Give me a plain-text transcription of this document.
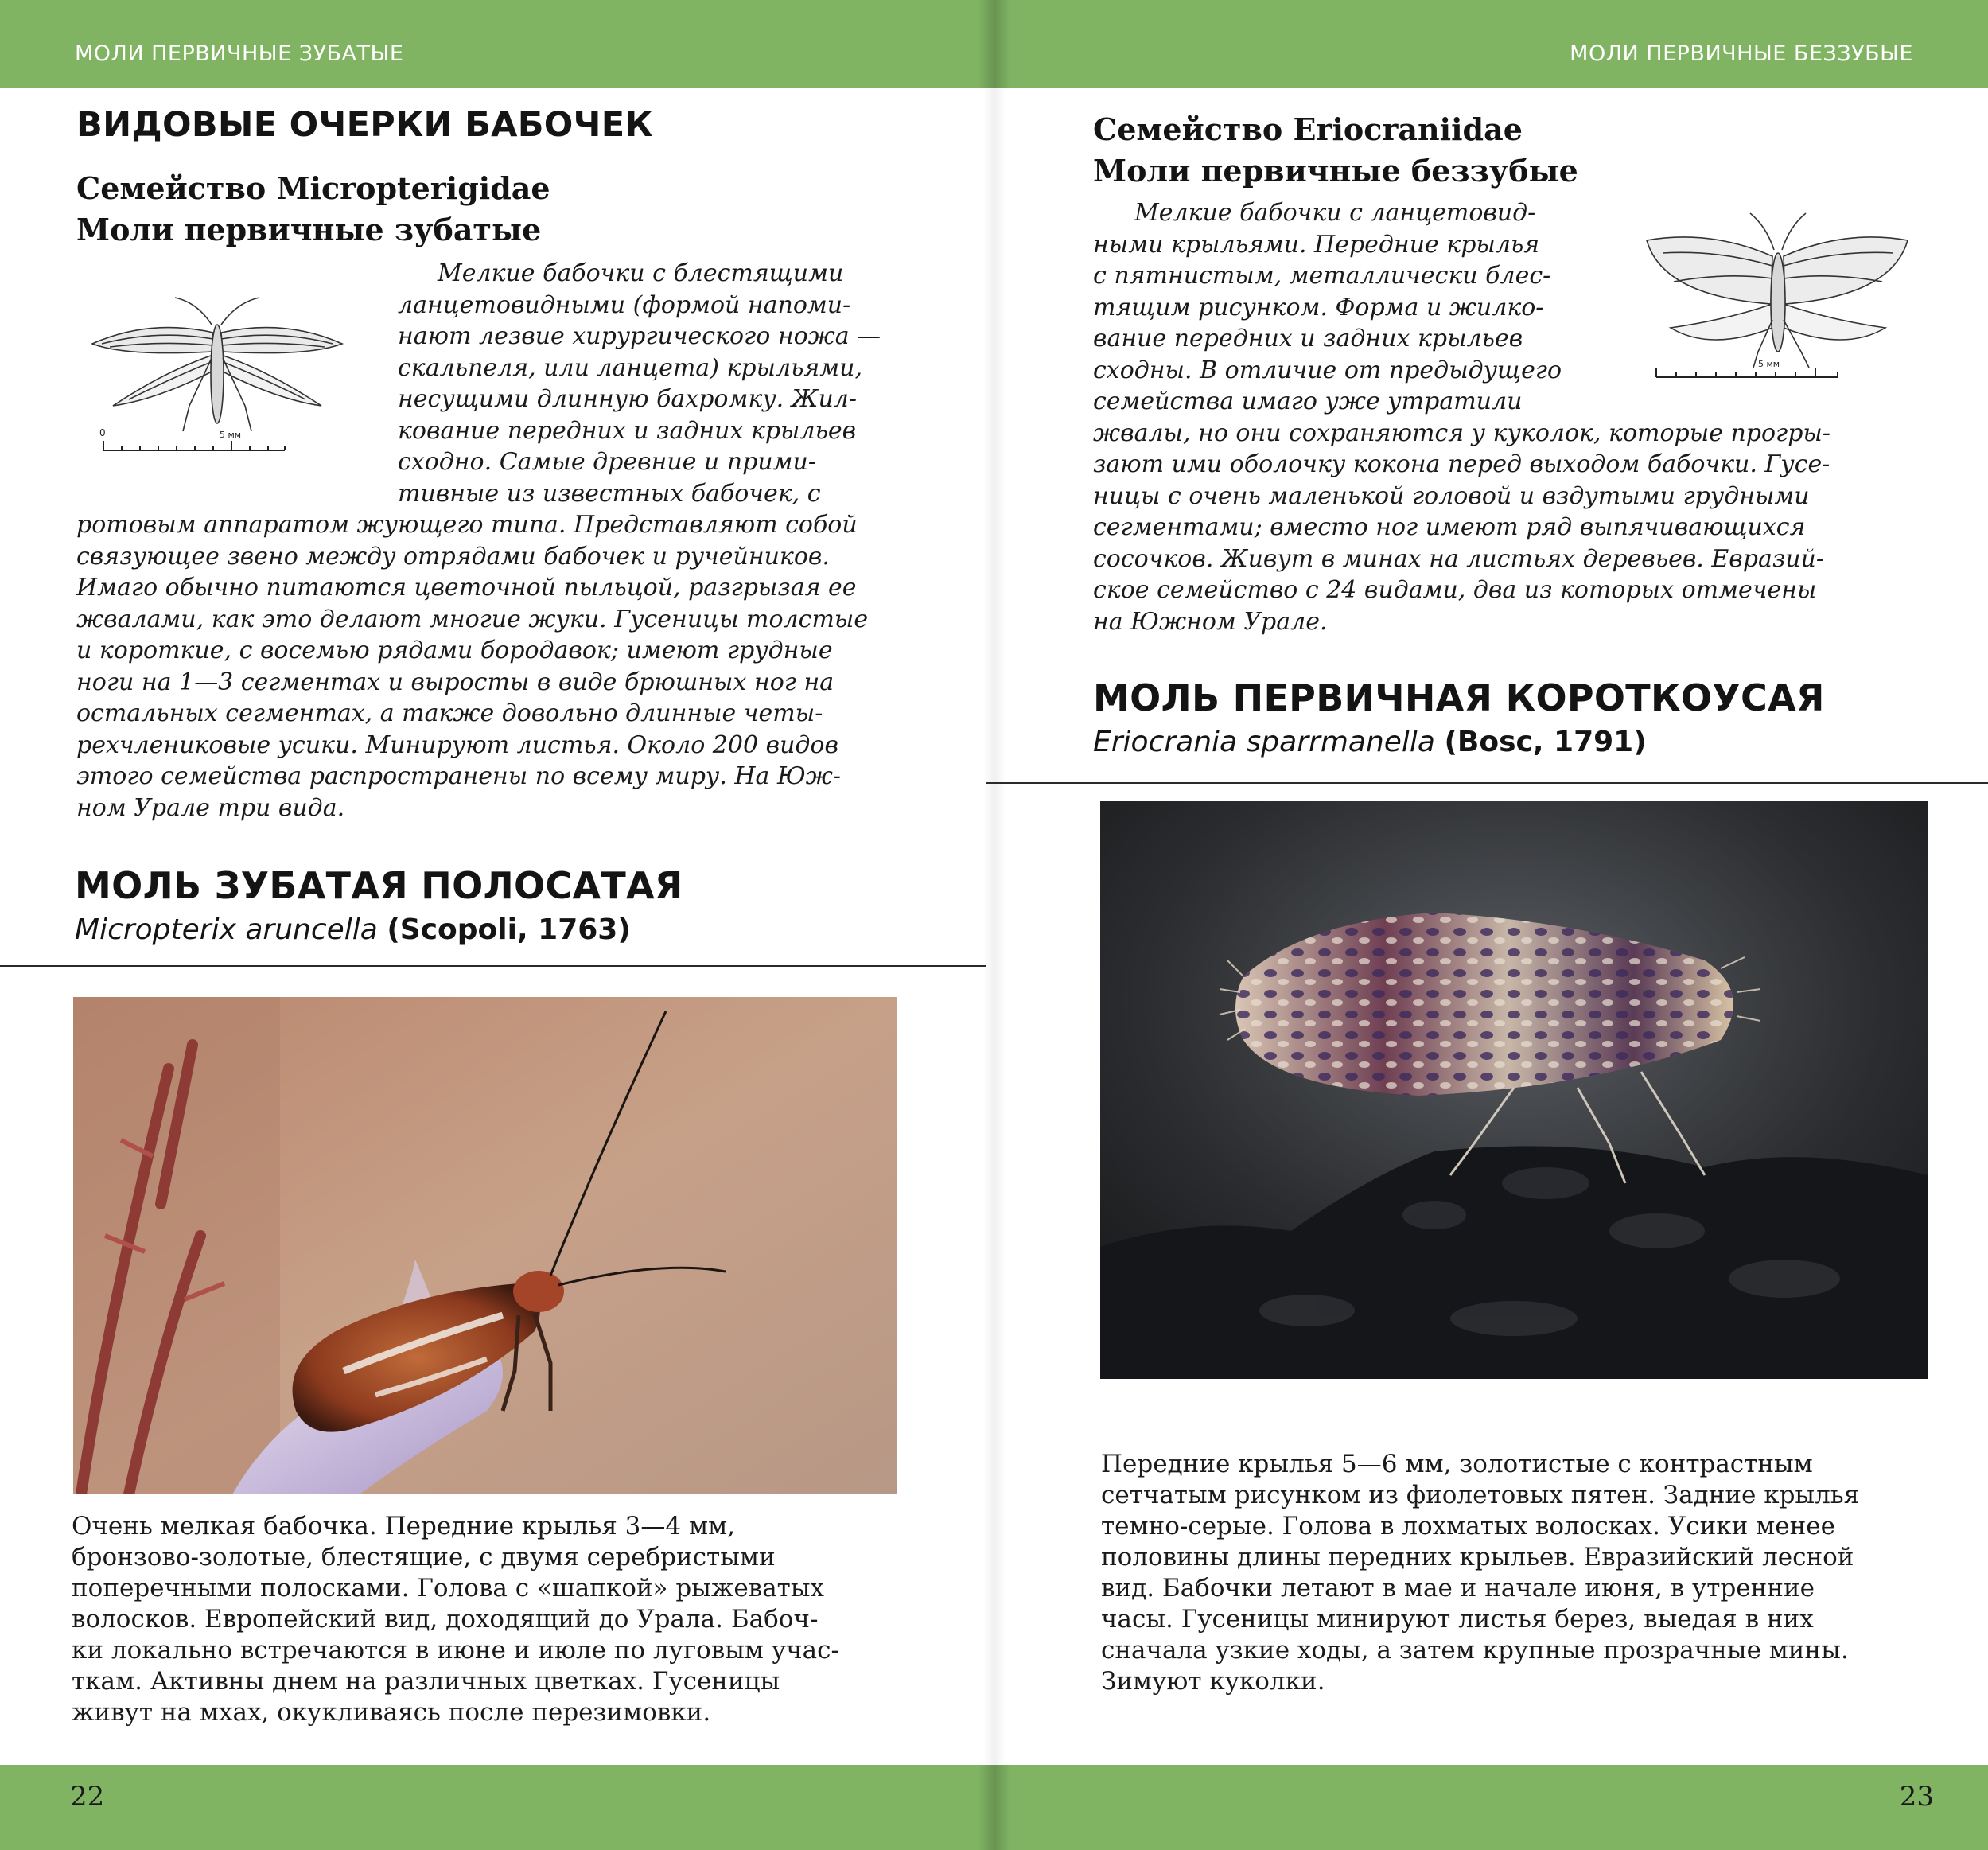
МОЛИ ПЕРВИЧНЫЕ ЗУБАТЫЕ	МОЛИ ПЕРВИЧНЫЕ БЕЗЗУБЫЕ
ВИДОВЫЕ ОЧЕРКИ БАБОЧЕК
Семейство Micropterigidae
Моли первичные зубатые
0	5 мм
Мелкие бабочки с блестящими
ланцетовидными (формой напоми-
нают лезвие хирургического ножа —
скальпеля, или ланцета) крыльями,
несущими длинную бахромку. Жил-
кование передних и задних крыльев
сходно. Самые древние и прими-
тивные из известных бабочек, с
ротовым аппаратом жующего типа. Представляют собой
связующее звено между отрядами бабочек и ручейников.
Имаго обычно питаются цветочной пыльцой, разгрызая ее
жвалами, как это делают многие жуки. Гусеницы толстые
и короткие, с восемью рядами бородавок; имеют грудные
ноги на 1—3 сегментах и выросты в виде брюшных ног на
остальных сегментах, а также довольно длинные четы-
рехчлениковые усики. Минируют листья. Около 200 видов
этого семейства распространены по всему миру. На Юж-
ном Урале три вида.
МОЛЬ ЗУБАТАЯ ПОЛОСАТАЯ
Micropterix aruncella (Scopoli, 1763)
Очень мелкая бабочка. Передние крылья 3—4 мм,
бронзово-золотые, блестящие, с двумя серебристыми
поперечными полосками. Голова с «шапкой» рыжеватых
волосков. Европейский вид, доходящий до Урала. Бабоч-
ки локально встречаются в июне и июле по луговым учас-
ткам. Активны днем на различных цветках. Гусеницы
живут на мхах, окукливаясь после перезимовки.
Семейство Eriocraniidae
Моли первичные беззубые
5 мм
Мелкие бабочки с ланцетовид-
ными крыльями. Передние крылья
с пятнистым, металлически блес-
тящим рисунком. Форма и жилко-
вание передних и задних крыльев
сходны. В отличие от предыдущего
семейства имаго уже утратили
жвалы, но они сохраняются у куколок, которые прогры-
зают ими оболочку кокона перед выходом бабочки. Гусе-
ницы с очень маленькой головой и вздутыми грудными
сегментами; вместо ног имеют ряд выпячивающихся
сосочков. Живут в минах на листьях деревьев. Евразий-
ское семейство с 24 видами, два из которых отмечены
на Южном Урале.
МОЛЬ ПЕРВИЧНАЯ КОРОТКОУСАЯ
Eriocrania sparrmanella (Bosc, 1791)
Передние крылья 5—6 мм, золотистые с контрастным
сетчатым рисунком из фиолетовых пятен. Задние крылья
темно-серые. Голова в лохматых волосках. Усики менее
половины длины передних крыльев. Евразийский лесной
вид. Бабочки летают в мае и начале июня, в утренние
часы. Гусеницы минируют листья берез, выедая в них
сначала узкие ходы, а затем крупные прозрачные мины.
Зимуют куколки.
22	23
